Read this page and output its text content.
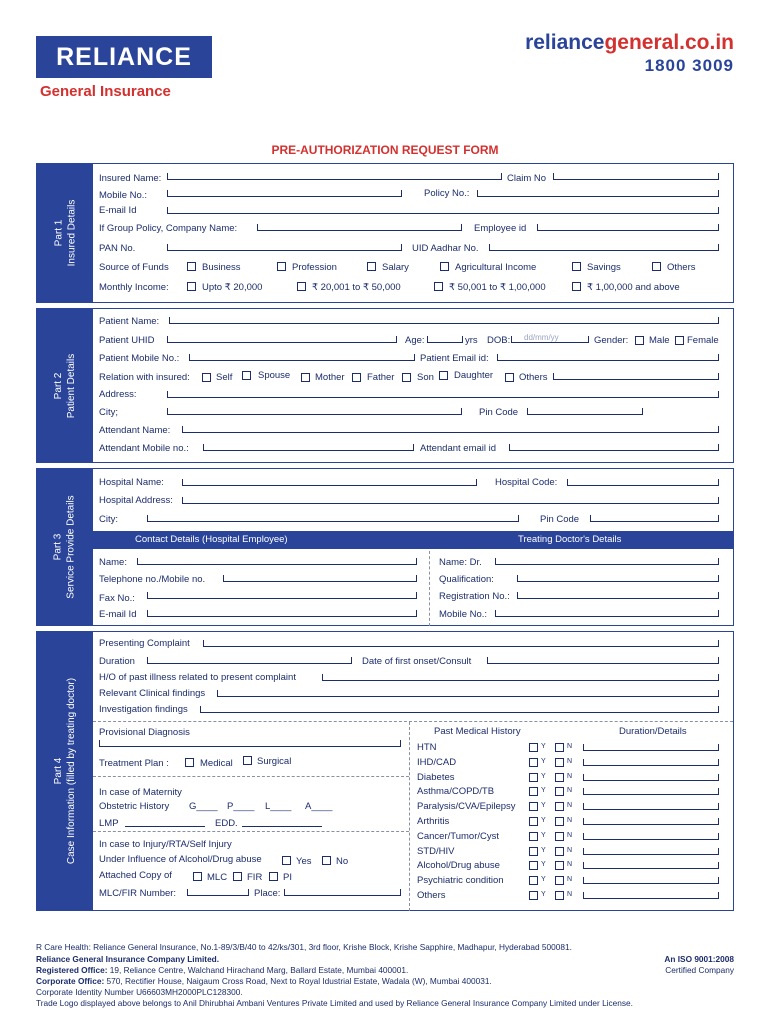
RELIANCE
General Insurance
reliancegeneral.co.in
1800 3009
PRE-AUTHORIZATION REQUEST FORM
Part 1
Insured Details
Insured Name:	Claim No
Mobile No.:	Policy No.:
E-mail Id
If Group Policy, Company Name:	Employee id
PAN No.	UID Aadhar No.
Source of Funds	Business	Profession	Salary	Agricultural Income	Savings	Others
Monthly Income:	Upto ₹ 20,000	₹ 20,001 to ₹ 50,000	₹ 50,001 to ₹ 1,00,000	₹ 1,00,000 and above
Part 2
Patient Details
Patient Name:
Patient UHID	Age:	yrs DOB: dd/mm/yy	Gender: Male Female
Patient Mobile No.:	Patient Email id:
Relation with insured:	Self	Spouse	Mother Father Son Daughter	Others
Address:
City;	Pin Code
Attendant Name:
Attendant Mobile no.:	Attendant email id
Part 3
Service Provide Details
Hospital Name:	Hospital Code:
Hospital Address:
City:	Pin Code
Contact Details (Hospital Employee)	Treating Doctor's Details
Name:	Name: Dr.
Telephone no./Mobile no.	Qualification:
Fax No.:	Registration No.:
E-mail Id	Mobile No.:
Part 4
Case Information (filled by treating doctor)
Presenting Complaint
Duration	Date of first onset/Consult
H/O of past illness related to present complaint
Relevant Clinical findings
Investigation findings
Provisional Diagnosis
Treatment Plan :	Medical	Surgical
In case of Maternity
Obstetric History G____ P____ L____ A____
LMP	EDD.
In case to Injury/RTA/Self Injury
Under Influence of Alcohol/Drug abuse	Yes	No
Attached Copy of	MLC FIR PI
MLC/FIR Number:	Place:
Past Medical History	Duration/Details
HTN	Y	N
IHD/CAD	Y	N
Diabetes	Y	N
Asthma/COPD/TB	Y	N
Paralysis/CVA/Epilepsy	Y	N
Arthritis	Y	N
Cancer/Tumor/Cyst	Y	N
STD/HIV	Y	N
Alcohol/Drug abuse	Y	N
Psychiatric condition	Y	N
Others	Y	N
R Care Health: Reliance General Insurance, No.1-89/3/B/40 to 42/ks/301, 3rd floor, Krishe Block, Krishe Sapphire, Madhapur, Hyderabad 500081.
Reliance General Insurance Company Limited.
Registered Office: 19, Reliance Centre, Walchand Hirachand Marg, Ballard Estate, Mumbai 400001.
Corporate Office: 570, Rectifier House, Naigaum Cross Road, Next to Royal Idustrial Estate, Wadala (W), Mumbai 400031.
Corporate Identity Number U66603MH2000PLC128300.
Trade Logo displayed above belongs to Anil Dhirubhai Ambani Ventures Private Limited and used by Reliance General Insurance Company Limited under License.
An ISO 9001:2008
Certified Company
